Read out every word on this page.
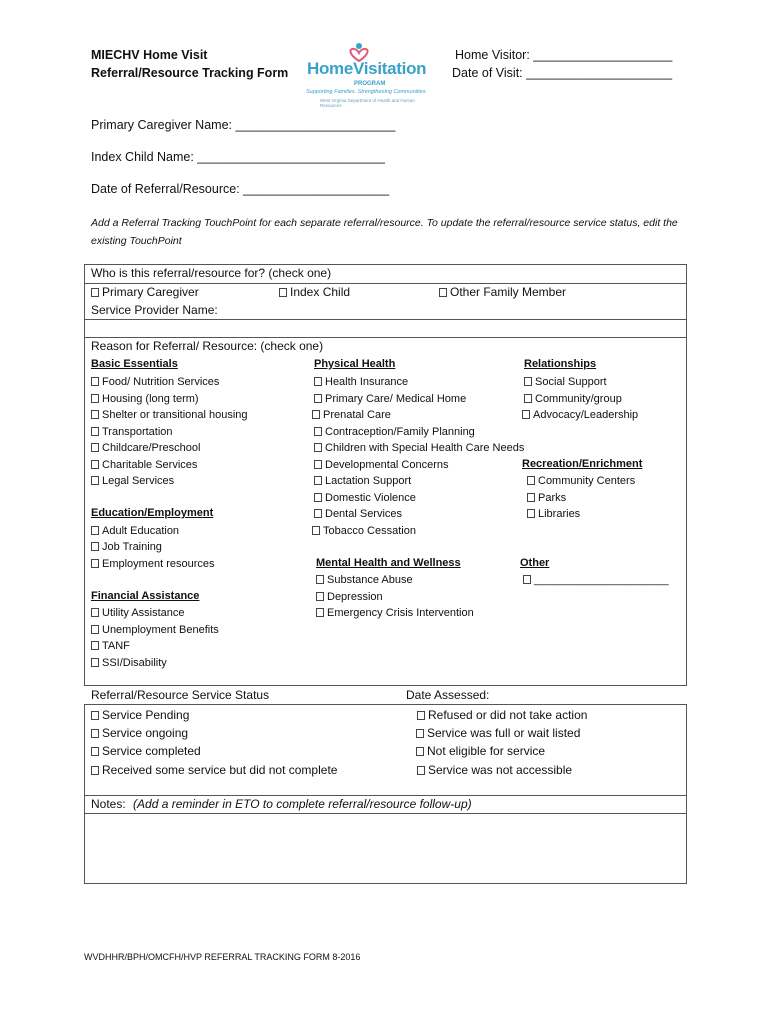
MIECHV Home Visit
Referral/Resource Tracking Form HomeVisitation
PROGRAM
Supporting Families. Strengthening Communities.
West Virginia Department of Health and Human Resources
Home Visitor: ____________________
Date of Visit: _____________________
Primary Caregiver Name: _______________________
Index Child Name: ___________________________
Date of Referral/Resource: _____________________
Add a Referral Tracking TouchPoint for each separate referral/resource. To update the referral/resource service status, edit the existing TouchPoint
Who is this referral/resource for? (check one)
Primary Caregiver	Index Child	Other Family Member
Service Provider Name:
Reason for Referral/ Resource: (check one)
Basic Essentials
Food/ Nutrition Services
Housing (long term)
Shelter or transitional housing
Transportation
Childcare/Preschool
Charitable Services
Legal Services
Education/Employment
Adult Education
Job Training
Employment resources
Financial Assistance
Utility Assistance
Unemployment Benefits
TANF
SSI/Disability
Physical Health
Health Insurance
Primary Care/ Medical Home
Prenatal Care
Contraception/Family Planning
Children with Special Health Care Needs
Developmental Concerns
Lactation Support
Domestic Violence
Dental Services
Tobacco Cessation
Mental Health and Wellness
Substance Abuse
Depression
Emergency Crisis Intervention
Relationships
Social Support
Community/group
Advocacy/Leadership
Recreation/Enrichment
Community Centers
Parks
Libraries
Other
______________________
Referral/Resource Service Status	Date Assessed:
Service Pending
Service ongoing
Service completed
Received some service but did not complete
Refused or did not take action
Service was full or wait listed
Not eligible for service
Service was not accessible
Notes: (Add a reminder in ETO to complete referral/resource follow-up)
WVDHHR/BPH/OMCFH/HVP REFERRAL TRACKING FORM 8-2016
